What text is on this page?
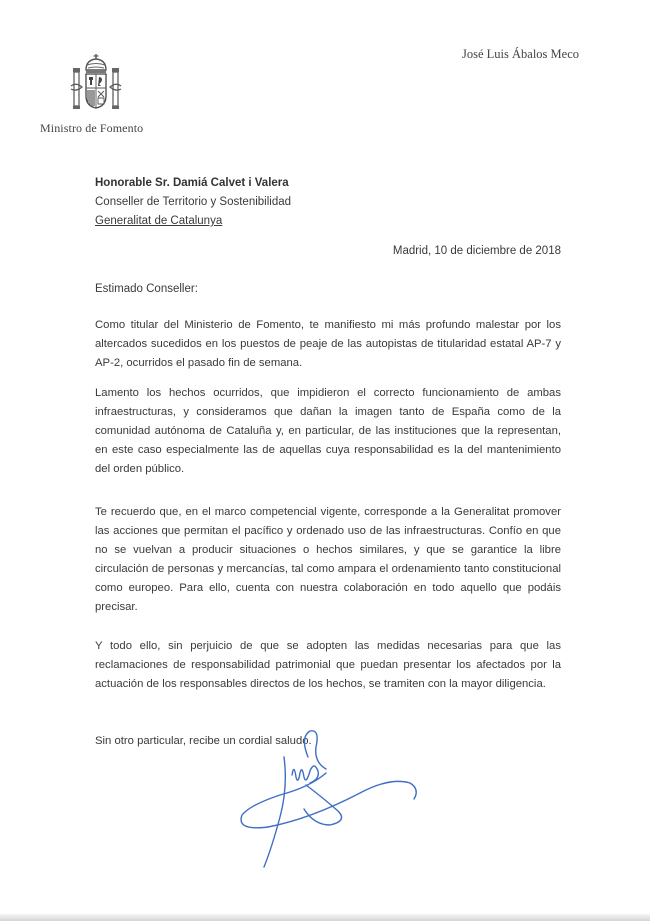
Ministro de Fomento
José Luis Ábalos Meco
Honorable Sr. Damiá Calvet i Valera
Conseller de Territorio y Sostenibilidad
Generalitat de Catalunya
Madrid, 10 de diciembre de 2018
Estimado Conseller:

Como titular del Ministerio de Fomento, te manifiesto mi más profundo malestar por los altercados sucedidos en los puestos de peaje de las autopistas de titularidad estatal AP-7 y AP-2, ocurridos el pasado fin de semana.

Lamento los hechos ocurridos, que impidieron el correcto funcionamiento de ambas infraestructuras, y consideramos que dañan la imagen tanto de España como de la comunidad autónoma de Cataluña y, en particular, de las instituciones que la representan, en este caso especialmente las de aquellas cuya responsabilidad es la del mantenimiento del orden público.

Te recuerdo que, en el marco competencial vigente, corresponde a la Generalitat promover las acciones que permitan el pacífico y ordenado uso de las infraestructuras. Confío en que no se vuelvan a producir situaciones o hechos similares, y que se garantice la libre circulación de personas y mercancías, tal como ampara el ordenamiento tanto constitucional como europeo. Para ello, cuenta con nuestra colaboración en todo aquello que podáis precisar.

Y todo ello, sin perjuicio de que se adopten las medidas necesarias para que las reclamaciones de responsabilidad patrimonial que puedan presentar los afectados por la actuación de los responsables directos de los hechos, se tramiten con la mayor diligencia.

Sin otro particular, recibe un cordial saludo.
